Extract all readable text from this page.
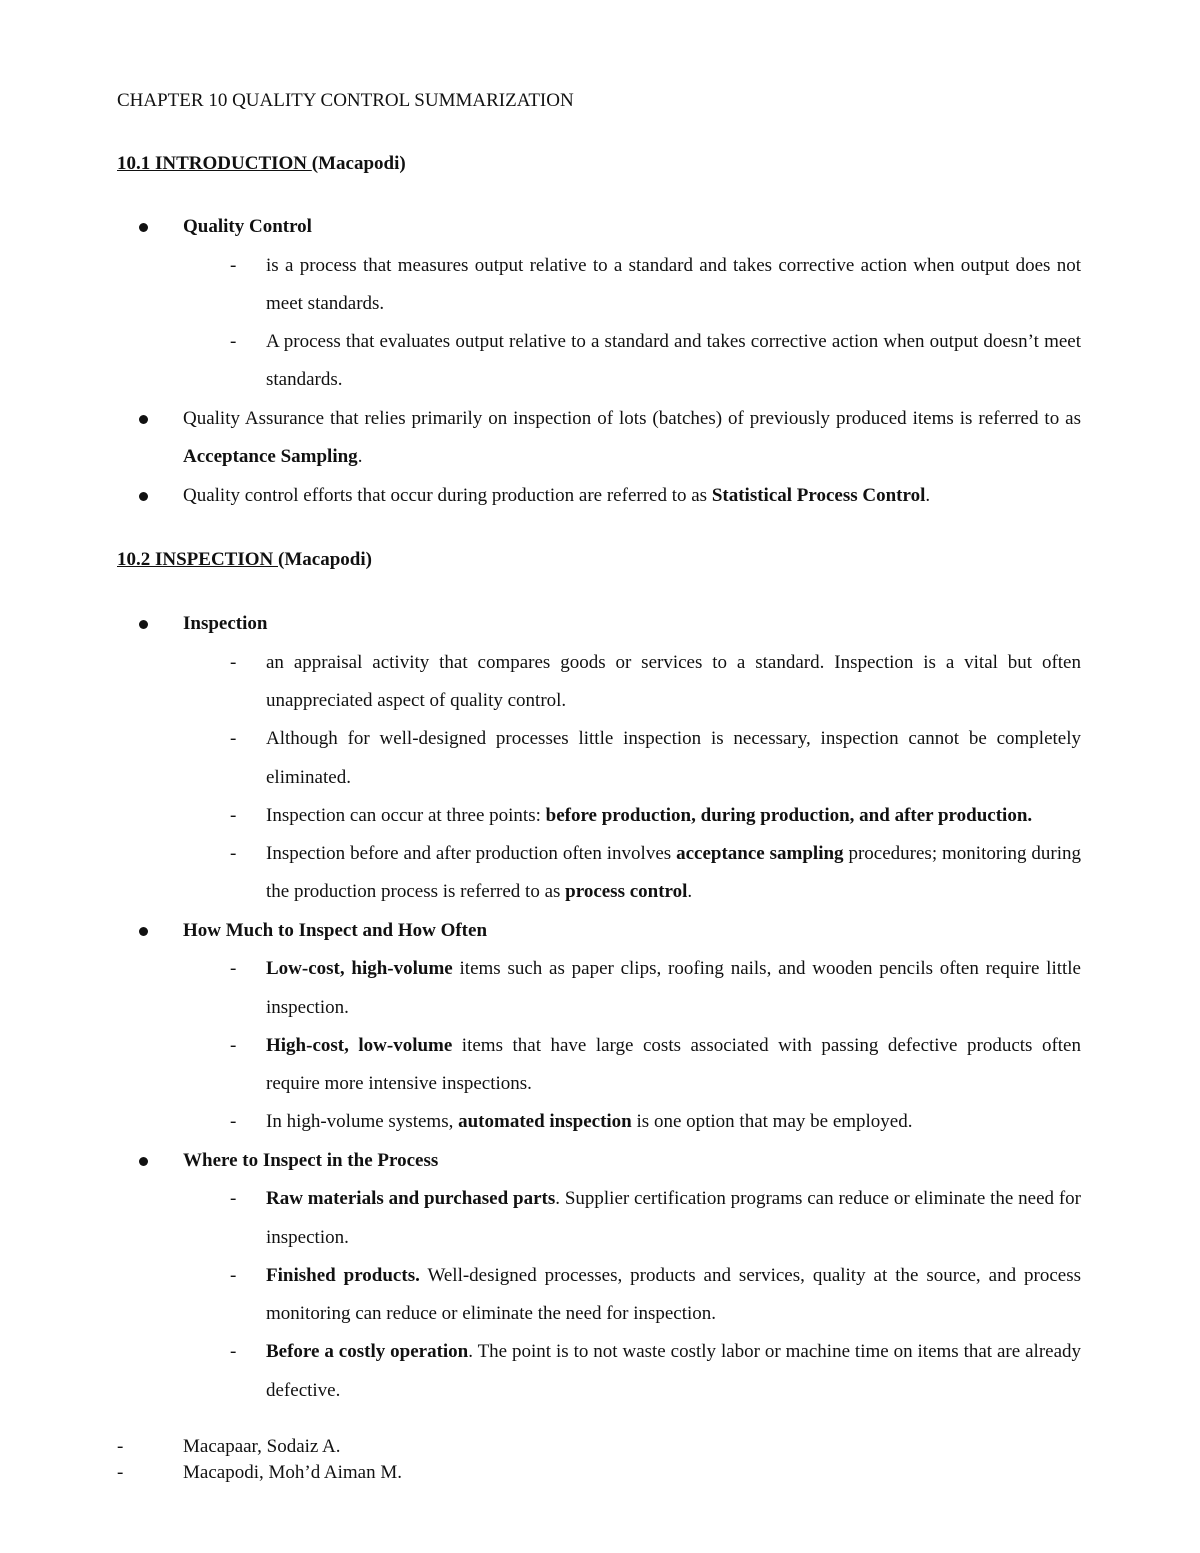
CHAPTER 10 QUALITY CONTROL SUMMARIZATION
10.1 INTRODUCTION (Macapodi)
Quality Control
- is a process that measures output relative to a standard and takes corrective action when output does not meet standards.
- A process that evaluates output relative to a standard and takes corrective action when output doesn’t meet standards.
Quality Assurance that relies primarily on inspection of lots (batches) of previously produced items is referred to as Acceptance Sampling.
Quality control efforts that occur during production are referred to as Statistical Process Control.
10.2 INSPECTION (Macapodi)
Inspection
- an appraisal activity that compares goods or services to a standard. Inspection is a vital but often unappreciated aspect of quality control.
- Although for well-designed processes little inspection is necessary, inspection cannot be completely eliminated.
- Inspection can occur at three points: before production, during production, and after production.
- Inspection before and after production often involves acceptance sampling procedures; monitoring during the production process is referred to as process control.
How Much to Inspect and How Often
- Low-cost, high-volume items such as paper clips, roofing nails, and wooden pencils often require little inspection.
- High-cost, low-volume items that have large costs associated with passing defective products often require more intensive inspections.
- In high-volume systems, automated inspection is one option that may be employed.
Where to Inspect in the Process
- Raw materials and purchased parts. Supplier certification programs can reduce or eliminate the need for inspection.
- Finished products. Well-designed processes, products and services, quality at the source, and process monitoring can reduce or eliminate the need for inspection.
- Before a costly operation. The point is to not waste costly labor or machine time on items that are already defective.
-	Macapaar, Sodaiz A.
-	Macapodi, Moh’d Aiman M.
